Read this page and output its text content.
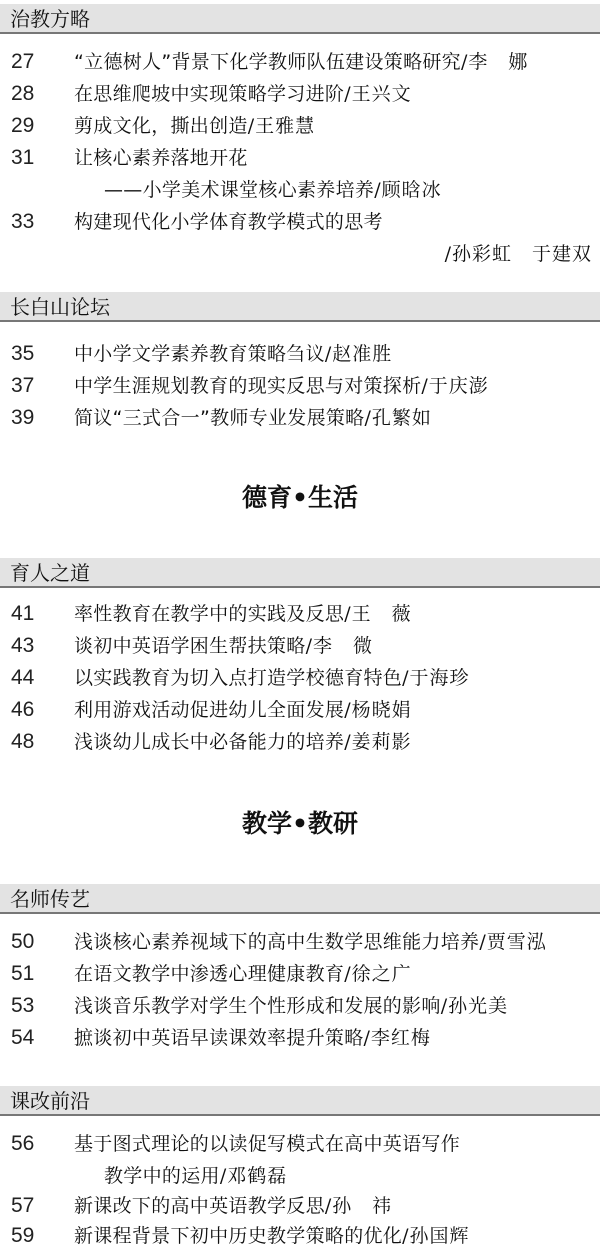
治教方略
27 “立德树人”背景下化学教师队伍建设策略研究/李　娜
28 在思维爬坡中实现策略学习进阶/王兴文
29 剪成文化，撕出创造/王雅慧
31 让核心素养落地开花
——小学美术课堂核心素养培养/顾晗冰
33 构建现代化小学体育教学模式的思考
/孙彩虹　于建双
长白山论坛
35 中小学文学素养教育策略刍议/赵准胜
37 中学生涯规划教育的现实反思与对策探析/于庆澎
39 简议“三式合一”教师专业发展策略/孔繁如
德育•生活
育人之道
41 率性教育在教学中的实践及反思/王　薇
43 谈初中英语学困生帮扶策略/李　微
44 以实践教育为切入点打造学校德育特色/于海珍
46 利用游戏活动促进幼儿全面发展/杨晓娟
48 浅谈幼儿成长中必备能力的培养/姜莉影
教学•教研
名师传艺
50 浅谈核心素养视域下的高中生数学思维能力培养/贾雪泓
51 在语文教学中渗透心理健康教育/徐之广
53 浅谈音乐教学对学生个性形成和发展的影响/孙光美
54 摭谈初中英语早读课效率提升策略/李红梅
课改前沿
56 基于图式理论的以读促写模式在高中英语写作
教学中的运用/邓鹤磊
57 新课改下的高中英语教学反思/孙　祎
59 新课程背景下初中历史教学策略的优化/孙国辉
